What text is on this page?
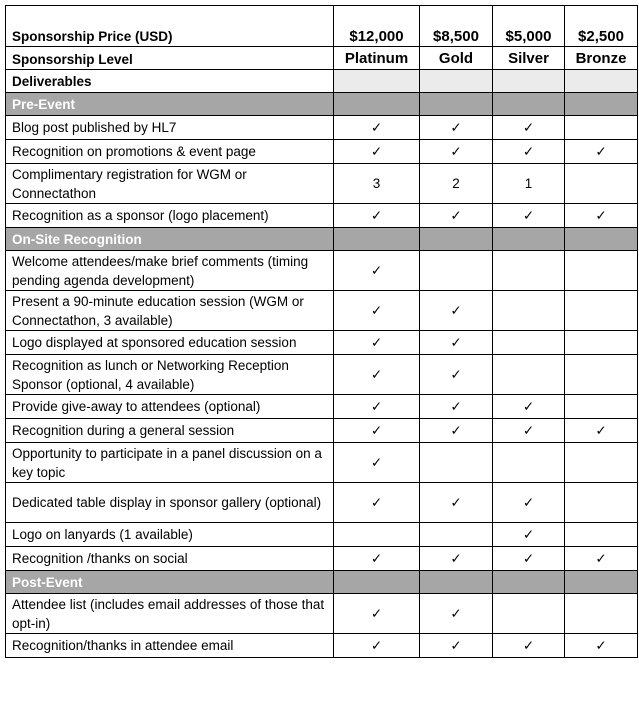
Sponsorship Price (USD)	$12,000	$8,500	$5,000	$2,500
Sponsorship Level	Platinum	Gold	Silver	Bronze
Deliverables				
Pre-Event				
Blog post published by HL7	✓	✓	✓	
Recognition on promotions & event page	✓	✓	✓	✓
Complimentary registration for WGM or Connectathon	3	2	1	
Recognition as a sponsor (logo placement)	✓	✓	✓	✓
On-Site Recognition				
Welcome attendees/make brief comments (timing pending agenda development)	✓			
Present a 90-minute education session (WGM or Connectathon, 3 available)	✓	✓		
Logo displayed at sponsored education session	✓	✓		
Recognition as lunch or Networking Reception Sponsor (optional, 4 available)	✓	✓		
Provide give-away to attendees (optional)	✓	✓	✓	
Recognition during a general session	✓	✓	✓	✓
Opportunity to participate in a panel discussion on a key topic	✓			
Dedicated table display in sponsor gallery (optional)	✓	✓	✓	
Logo on lanyards (1 available)			✓	
Recognition /thanks on social	✓	✓	✓	✓
Post-Event				
Attendee list (includes email addresses of those that opt-in)	✓	✓		
Recognition/thanks in attendee email	✓	✓	✓	✓
